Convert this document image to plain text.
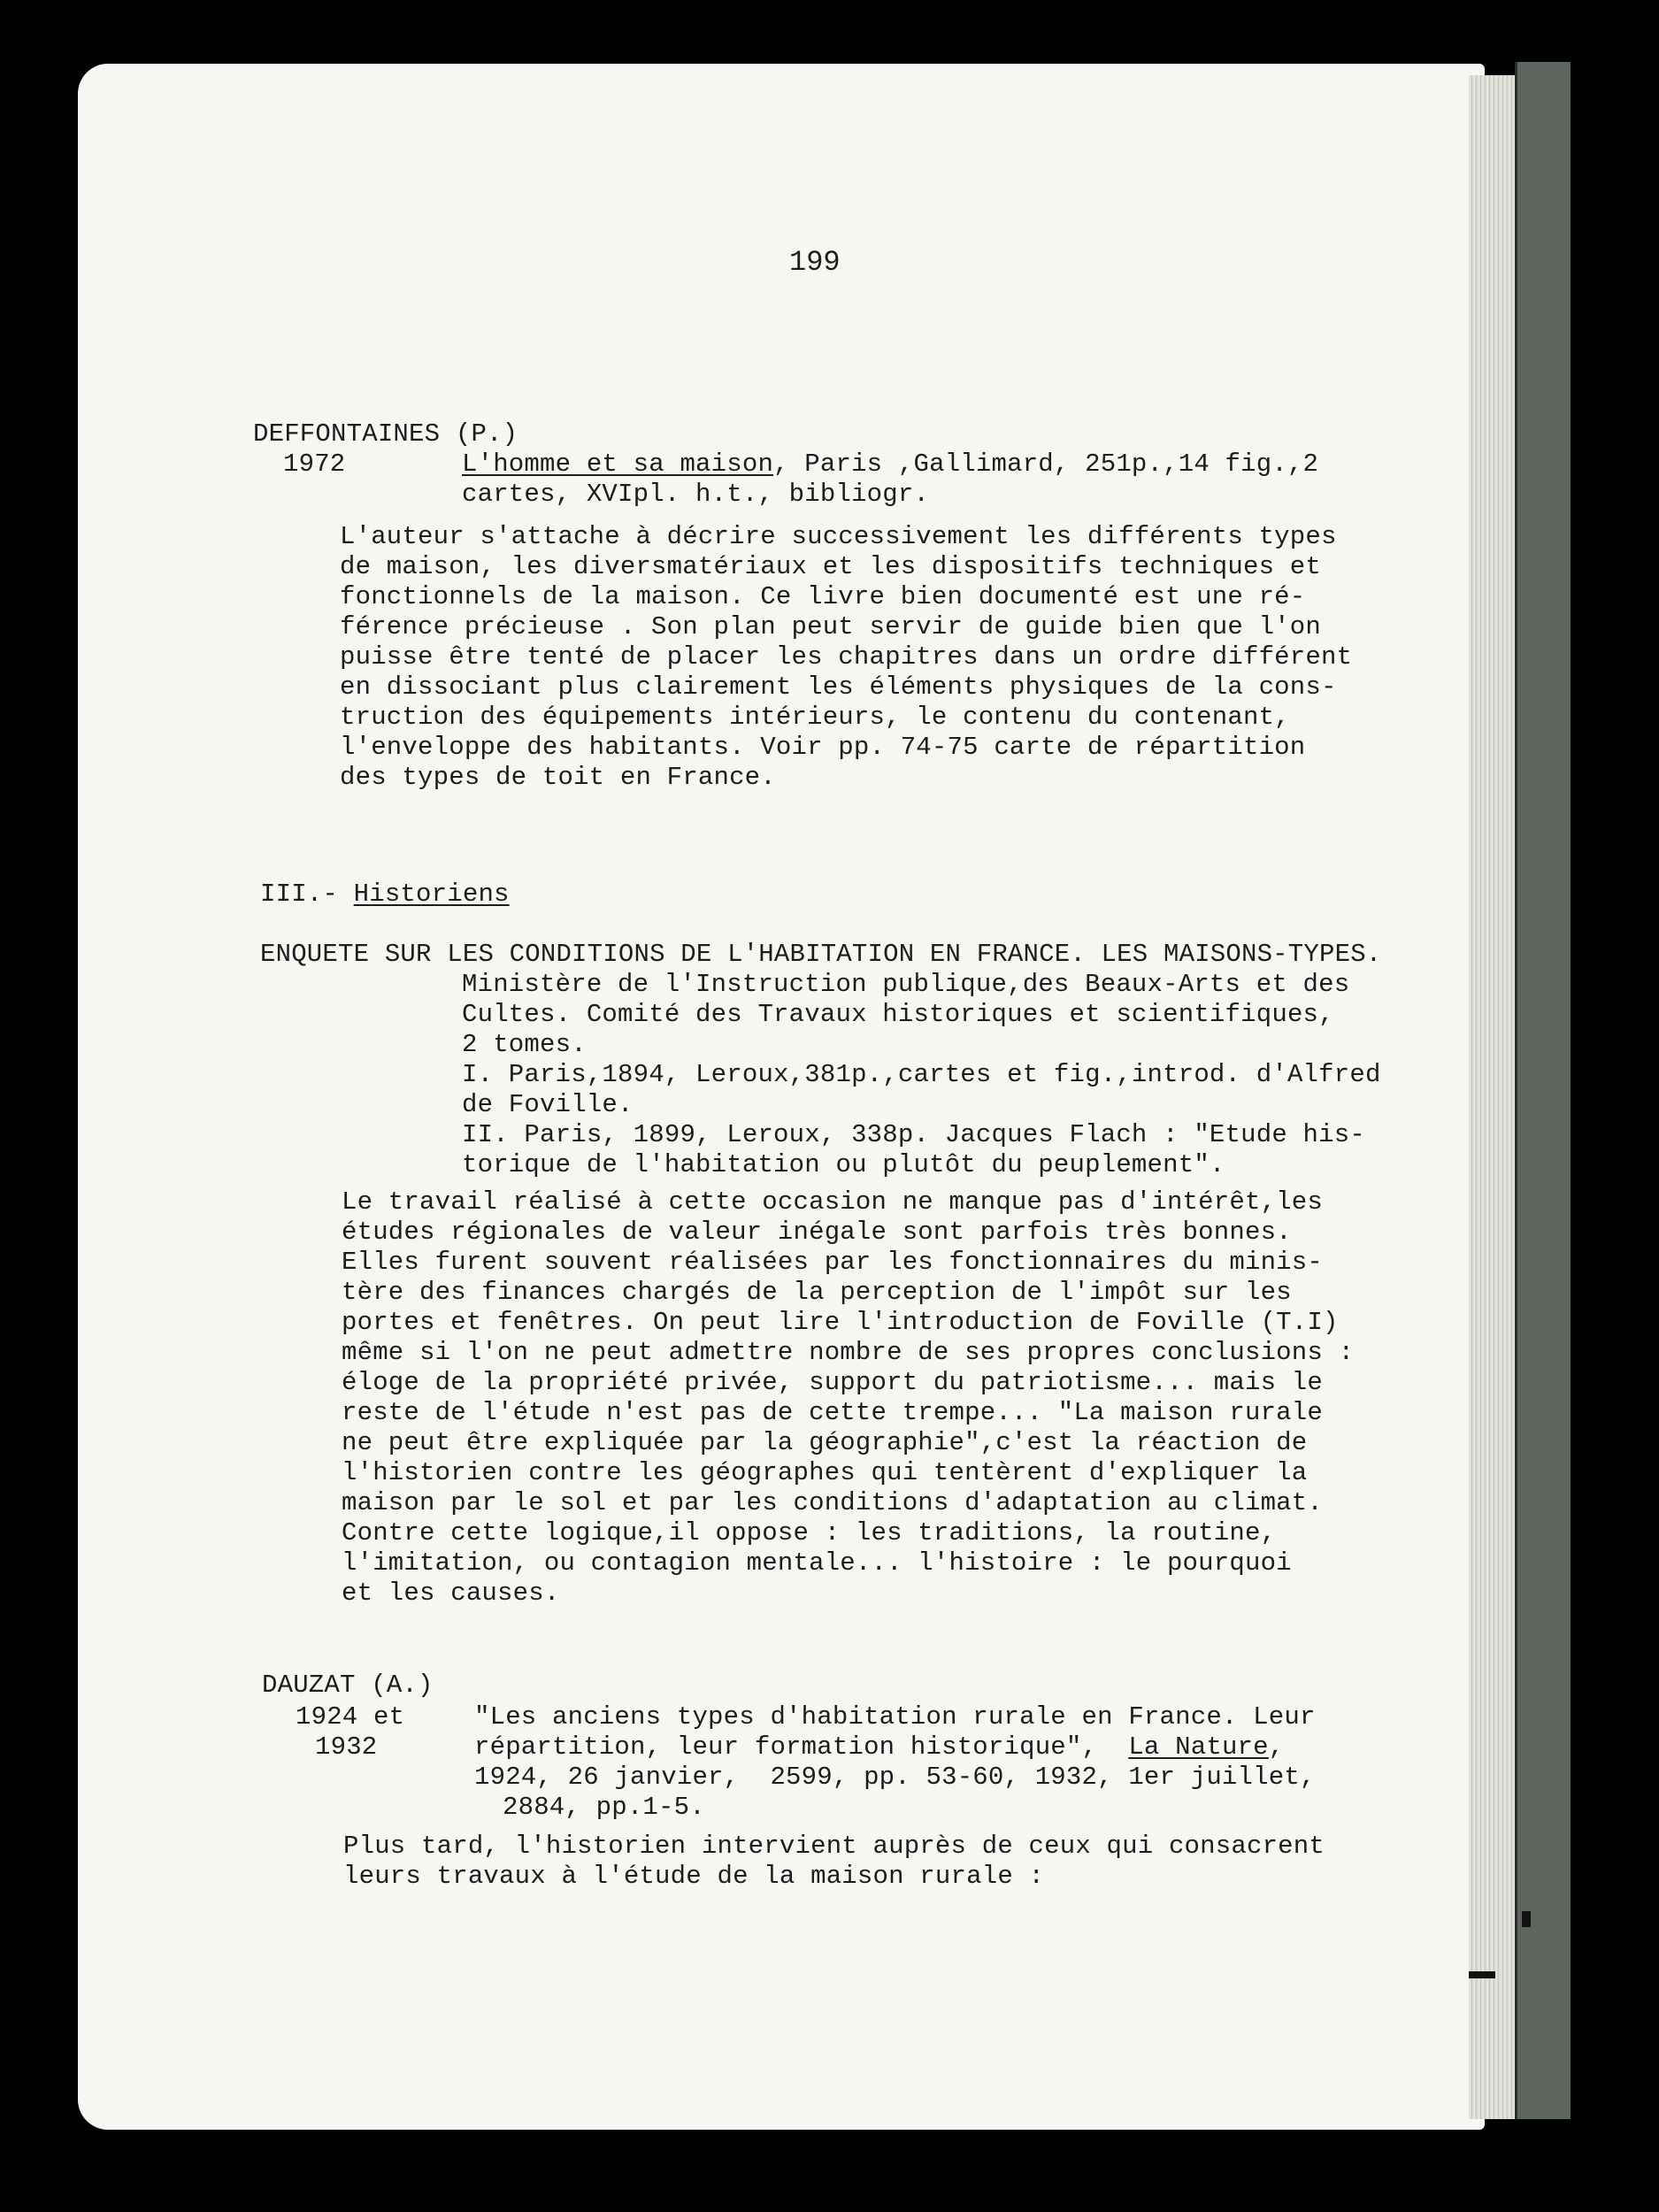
199
DEFFONTAINES (P.)
1972	L'homme et sa maison, Paris ,Gallimard, 251p.,14 fig.,2
cartes, XVIpl. h.t., bibliogr.
L'auteur s'attache à décrire successivement les différents types
de maison, les diversmatériaux et les dispositifs techniques et
fonctionnels de la maison. Ce livre bien documenté est une ré-
férence précieuse . Son plan peut servir de guide bien que l'on
puisse être tenté de placer les chapitres dans un ordre différent
en dissociant plus clairement les éléments physiques de la cons-
truction des équipements intérieurs, le contenu du contenant,
l'enveloppe des habitants. Voir pp. 74-75 carte de répartition
des types de toit en France.
III.- Historiens
ENQUETE SUR LES CONDITIONS DE L'HABITATION EN FRANCE. LES MAISONS-TYPES.
Ministère de l'Instruction publique,des Beaux-Arts et des
Cultes. Comité des Travaux historiques et scientifiques,
2 tomes.
I. Paris,1894, Leroux,381p.,cartes et fig.,introd. d'Alfred
de Foville.
II. Paris, 1899, Leroux, 338p. Jacques Flach : "Etude his-
torique de l'habitation ou plutôt du peuplement".
Le travail réalisé à cette occasion ne manque pas d'intérêt,les
études régionales de valeur inégale sont parfois très bonnes.
Elles furent souvent réalisées par les fonctionnaires du minis-
tère des finances chargés de la perception de l'impôt sur les
portes et fenêtres. On peut lire l'introduction de Foville (T.I)
même si l'on ne peut admettre nombre de ses propres conclusions :
éloge de la propriété privée, support du patriotisme... mais le
reste de l'étude n'est pas de cette trempe... "La maison rurale
ne peut être expliquée par la géographie",c'est la réaction de
l'historien contre les géographes qui tentèrent d'expliquer la
maison par le sol et par les conditions d'adaptation au climat.
Contre cette logique,il oppose : les traditions, la routine,
l'imitation, ou contagion mentale... l'histoire : le pourquoi
et les causes.
DAUZAT (A.)
1924 et
1932
"Les anciens types d'habitation rurale en France. Leur
répartition, leur formation historique",  La Nature,
1924, 26 janvier,  2599, pp. 53-60, 1932, 1er juillet,
2884, pp.1-5.
Plus tard, l'historien intervient auprès de ceux qui consacrent
leurs travaux à l'étude de la maison rurale :
